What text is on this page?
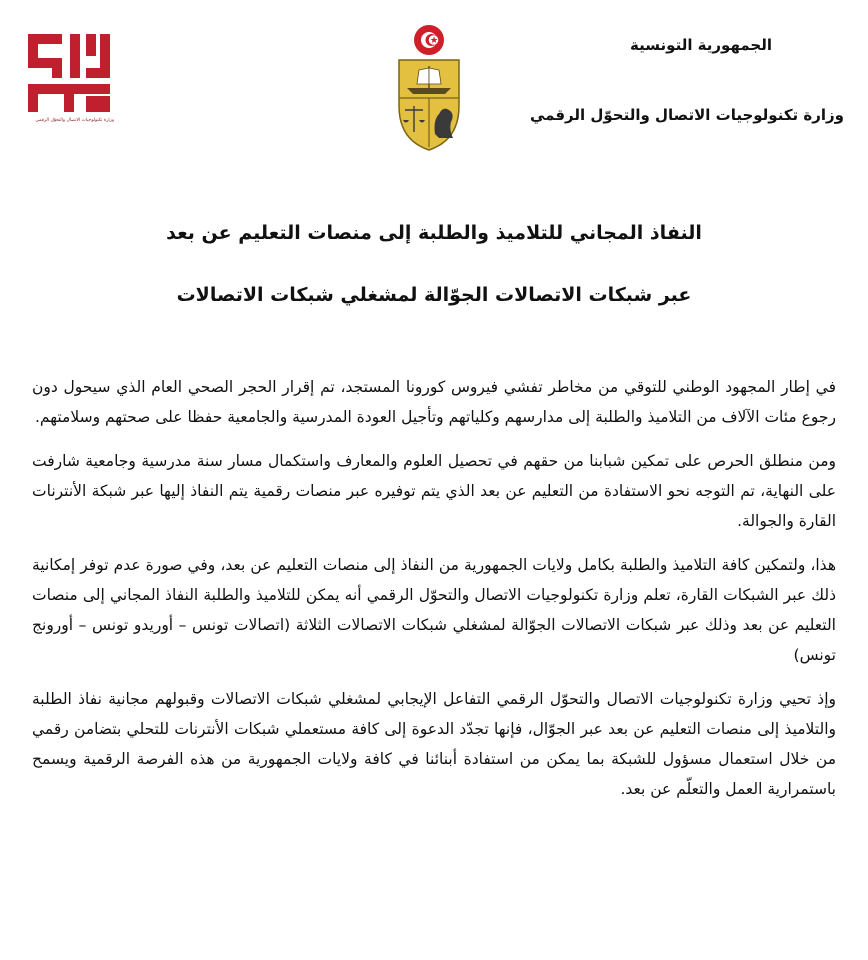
وزارة تكنولوجيات الاتصال والتحوّل الرقمي
الجمهورية التونسية
وزارة تكنولوجيات الاتصال والتحوّل الرقمي
النفاذ المجاني للتلاميذ والطلبة إلى منصات التعليم عن بعد
عبر شبكات الاتصالات الجوّالة لمشغلي شبكات الاتصالات

في إطار المجهود الوطني للتوقي من مخاطر تفشي فيروس كورونا المستجد، تم إقرار الحجر الصحي العام الذي سيحول دون رجوع مئات الآلاف من التلاميذ والطلبة إلى مدارسهم وكلياتهم وتأجيل العودة المدرسية والجامعية حفظا على صحتهم وسلامتهم.

ومن منطلق الحرص على تمكين شبابنا من حقهم في تحصيل العلوم والمعارف واستكمال مسار سنة مدرسية وجامعية شارفت على النهاية، تم التوجه نحو الاستفادة من التعليم عن بعد الذي يتم توفيره عبر منصات رقمية يتم النفاذ إليها عبر شبكة الأنترنات القارة والجوالة.

هذا، ولتمكين كافة التلاميذ والطلبة بكامل ولايات الجمهورية من النفاذ إلى منصات التعليم عن بعد، وفي صورة عدم توفر إمكانية ذلك عبر الشبكات القارة، تعلم وزارة تكنولوجيات الاتصال والتحوّل الرقمي أنه يمكن للتلاميذ والطلبة النفاذ المجاني إلى منصات التعليم عن بعد وذلك عبر شبكات الاتصالات الجوّالة لمشغلي شبكات الاتصالات الثلاثة (اتصالات تونس – أوريدو تونس – أورونج تونس)

وإذ تحيي وزارة تكنولوجيات الاتصال والتحوّل الرقمي التفاعل الإيجابي لمشغلي شبكات الاتصالات وقبولهم مجانية نفاذ الطلبة والتلاميذ إلى منصات التعليم عن بعد عبر الجوّال، فإنها تجدّد الدعوة إلى كافة مستعملي شبكات الأنترنات للتحلي بتضامن رقمي من خلال استعمال مسؤول للشبكة بما يمكن من استفادة أبنائنا في كافة ولايات الجمهورية من هذه الفرصة الرقمية ويسمح باستمرارية العمل والتعلّم عن بعد.
